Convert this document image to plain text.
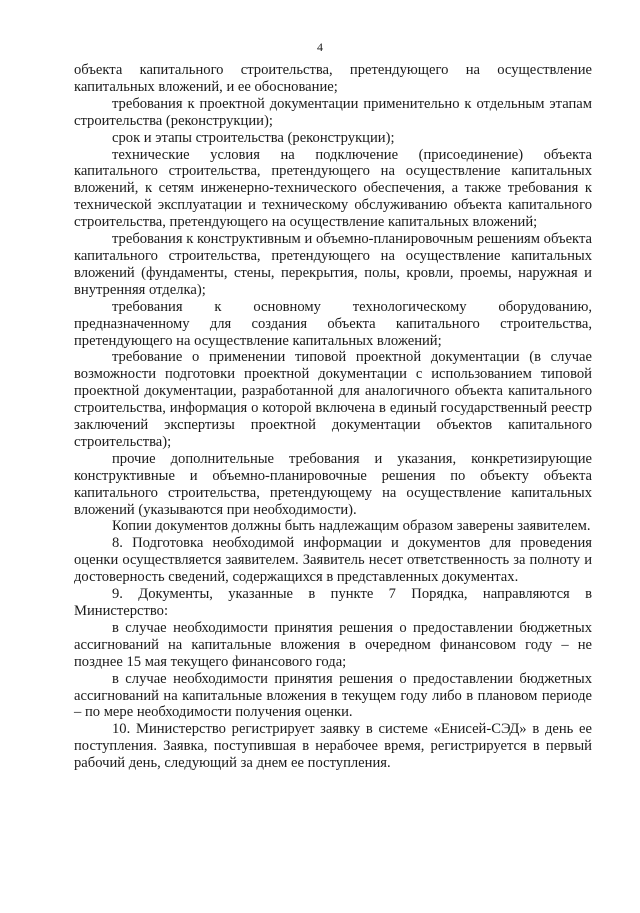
4

объекта капитального строительства, претендующего на осуществление капитальных вложений, и ее обоснование;

требования к проектной документации применительно к отдельным этапам строительства (реконструкции);

срок и этапы строительства (реконструкции);

технические условия на подключение (присоединение) объекта капитального строительства, претендующего на осуществление капитальных вложений, к сетям инженерно-технического обеспечения, а также требования к технической эксплуатации и техническому обслуживанию объекта капитального строительства, претендующего на осуществление капитальных вложений;

требования к конструктивным и объемно-планировочным решениям объекта капитального строительства, претендующего на осуществление капитальных вложений (фундаменты, стены, перекрытия, полы, кровли, проемы, наружная и внутренняя отделка);

требования к основному технологическому оборудованию, предназначенному для создания объекта капитального строительства, претендующего на осуществление капитальных вложений;

требование о применении типовой проектной документации (в случае возможности подготовки проектной документации с использованием типовой проектной документации, разработанной для аналогичного объекта капитального строительства, информация о которой включена в единый государственный реестр заключений экспертизы проектной документации объектов капитального строительства);

прочие дополнительные требования и указания, конкретизирующие конструктивные и объемно-планировочные решения по объекту объекта капитального строительства, претендующему на осуществление капитальных вложений (указываются при необходимости).

Копии документов должны быть надлежащим образом заверены заявителем.

8. Подготовка необходимой информации и документов для проведения оценки осуществляется заявителем. Заявитель несет ответственность за полноту и достоверность сведений, содержащихся в представленных документах.

9. Документы, указанные в пункте 7 Порядка, направляются в Министерство:

в случае необходимости принятия решения о предоставлении бюджетных ассигнований на капитальные вложения в очередном финансовом году – не позднее 15 мая текущего финансового года;

в случае необходимости принятия решения о предоставлении бюджетных ассигнований на капитальные вложения в текущем году либо в плановом периоде – по мере необходимости получения оценки.

10. Министерство регистрирует заявку в системе «Енисей-СЭД» в день ее поступления. Заявка, поступившая в нерабочее время, регистрируется в первый рабочий день, следующий за днем ее поступления.
